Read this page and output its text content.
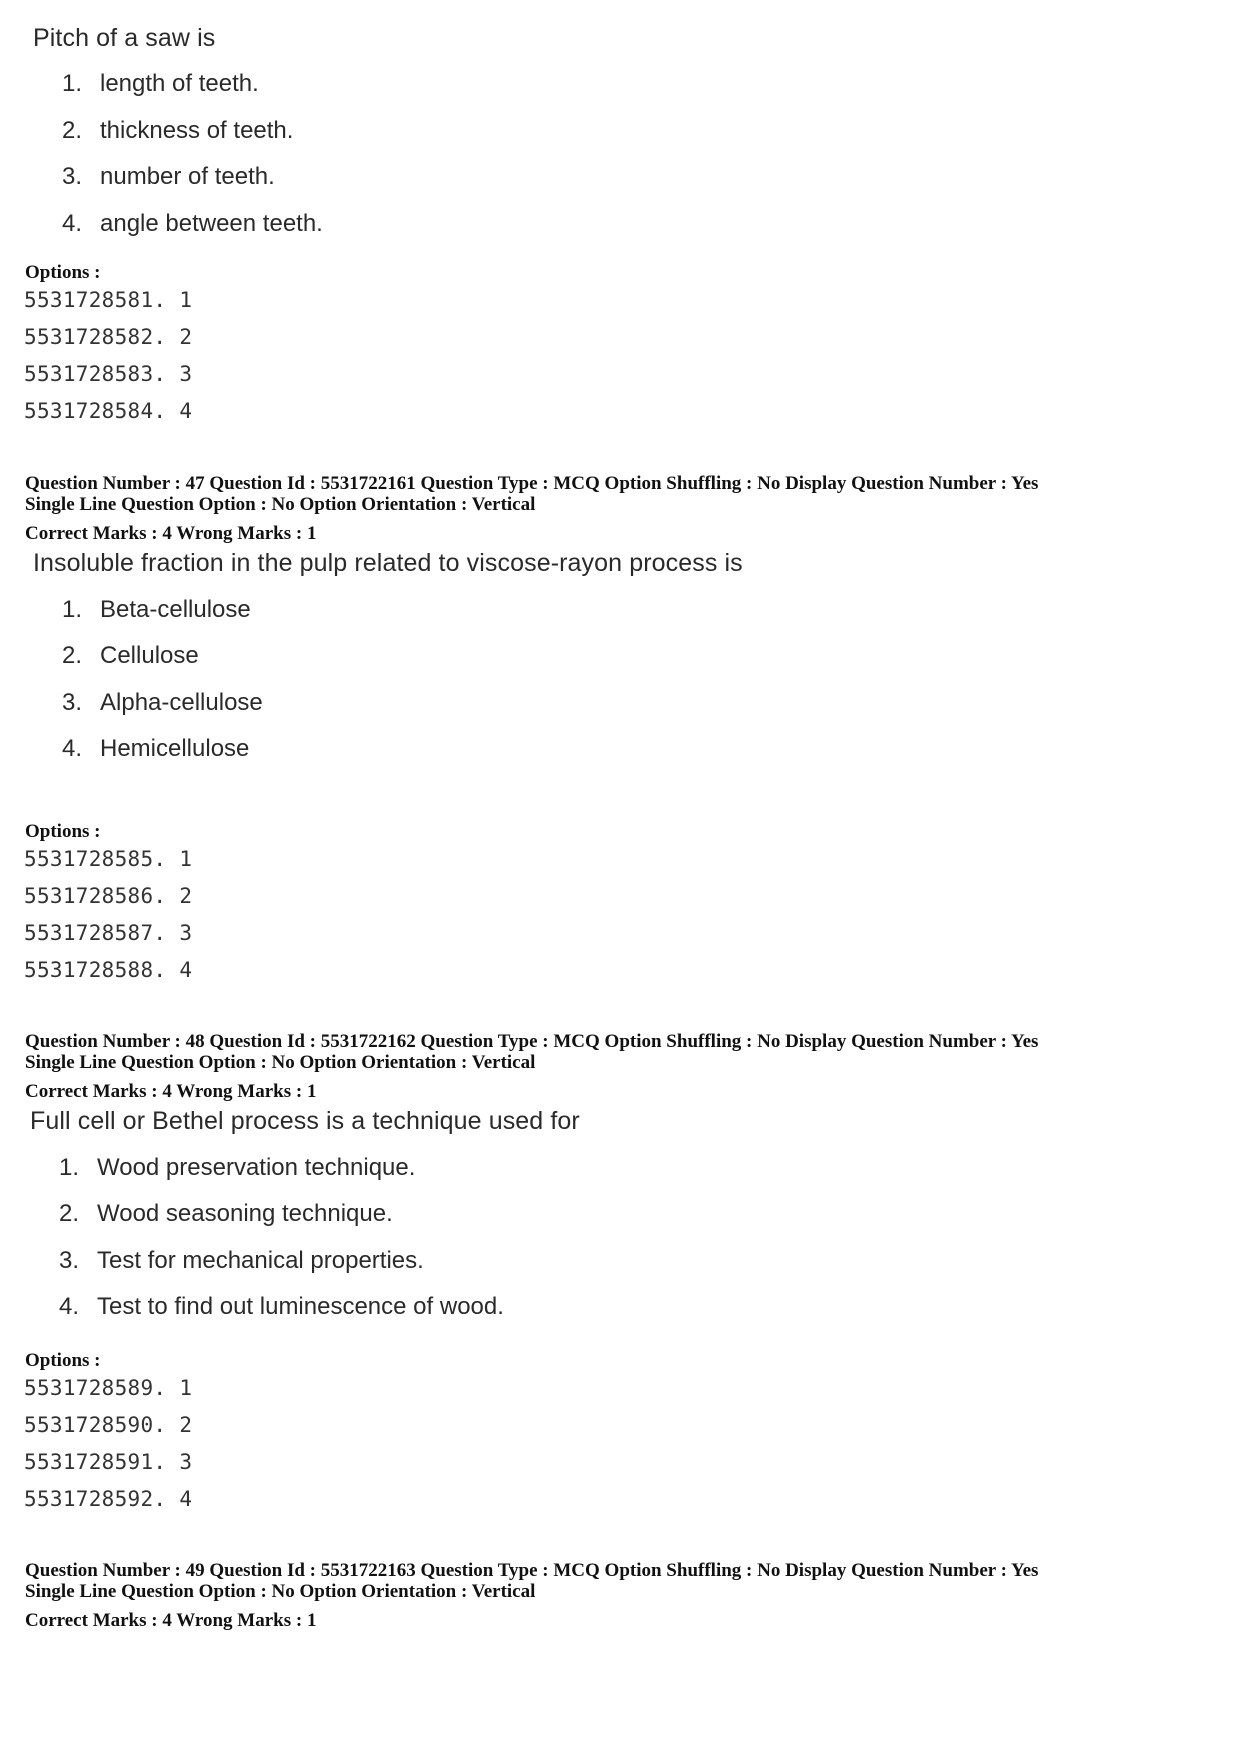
Pitch of a saw is
1. length of teeth.
2. thickness of teeth.
3. number of teeth.
4. angle between teeth.
Options :
5531728581. 1
5531728582. 2
5531728583. 3
5531728584. 4
Question Number : 47 Question Id : 5531722161 Question Type : MCQ Option Shuffling : No Display Question Number : Yes
Single Line Question Option : No Option Orientation : Vertical
Correct Marks : 4 Wrong Marks : 1
Insoluble fraction in the pulp related to viscose-rayon process is
1. Beta-cellulose
2. Cellulose
3. Alpha-cellulose
4. Hemicellulose
Options :
5531728585. 1
5531728586. 2
5531728587. 3
5531728588. 4
Question Number : 48 Question Id : 5531722162 Question Type : MCQ Option Shuffling : No Display Question Number : Yes
Single Line Question Option : No Option Orientation : Vertical
Correct Marks : 4 Wrong Marks : 1
Full cell or Bethel process is a technique used for
1. Wood preservation technique.
2. Wood seasoning technique.
3. Test for mechanical properties.
4. Test to find out luminescence of wood.
Options :
5531728589. 1
5531728590. 2
5531728591. 3
5531728592. 4
Question Number : 49 Question Id : 5531722163 Question Type : MCQ Option Shuffling : No Display Question Number : Yes
Single Line Question Option : No Option Orientation : Vertical
Correct Marks : 4 Wrong Marks : 1
